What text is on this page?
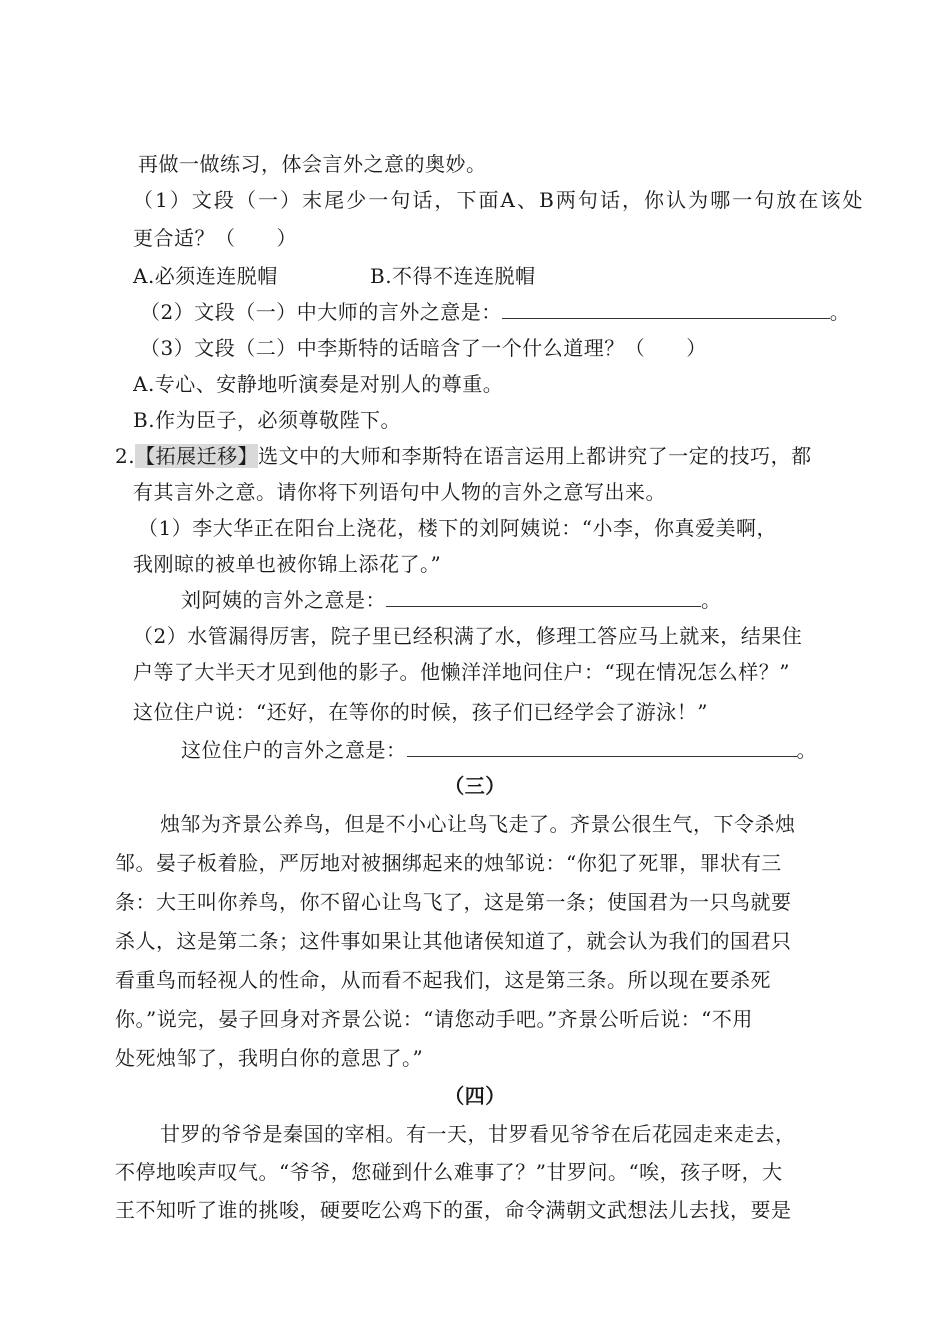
再做一做练习，体会言外之意的奥妙。
（1）文段（一）末尾少一句话，下面A、B两句话，你认为哪一句放在该处
更合适？（　　）
A.必须连连脱帽	B.不得不连连脱帽
（2）文段（一）中大师的言外之意是：	。
（3）文段（二）中李斯特的话暗含了一个什么道理？（　　）
A.专心、安静地听演奏是对别人的尊重。
B.作为臣子，必须尊敬陛下。
2.【拓展迁移】选文中的大师和李斯特在语言运用上都讲究了一定的技巧，都
有其言外之意。请你将下列语句中人物的言外之意写出来。
（1）李大华正在阳台上浇花，楼下的刘阿姨说：“小李，你真爱美啊，
我刚晾的被单也被你锦上添花了。”
刘阿姨的言外之意是：	。
（2）水管漏得厉害，院子里已经积满了水，修理工答应马上就来，结果住
户等了大半天才见到他的影子。他懒洋洋地问住户：“现在情况怎么样？”
这位住户说：“还好，在等你的时候，孩子们已经学会了游泳！”
这位住户的言外之意是：	。
（三）
烛邹为齐景公养鸟，但是不小心让鸟飞走了。齐景公很生气，下令杀烛
邹。晏子板着脸，严厉地对被捆绑起来的烛邹说：“你犯了死罪，罪状有三
条：大王叫你养鸟，你不留心让鸟飞了，这是第一条；使国君为一只鸟就要
杀人，这是第二条；这件事如果让其他诸侯知道了，就会认为我们的国君只
看重鸟而轻视人的性命，从而看不起我们，这是第三条。所以现在要杀死
你。”说完，晏子回身对齐景公说：“请您动手吧。”齐景公听后说：“不用
处死烛邹了，我明白你的意思了。”
（四）
甘罗的爷爷是秦国的宰相。有一天，甘罗看见爷爷在后花园走来走去，
不停地唉声叹气。“爷爷，您碰到什么难事了？”甘罗问。“唉，孩子呀，大
王不知听了谁的挑唆，硬要吃公鸡下的蛋，命令满朝文武想法儿去找，要是
